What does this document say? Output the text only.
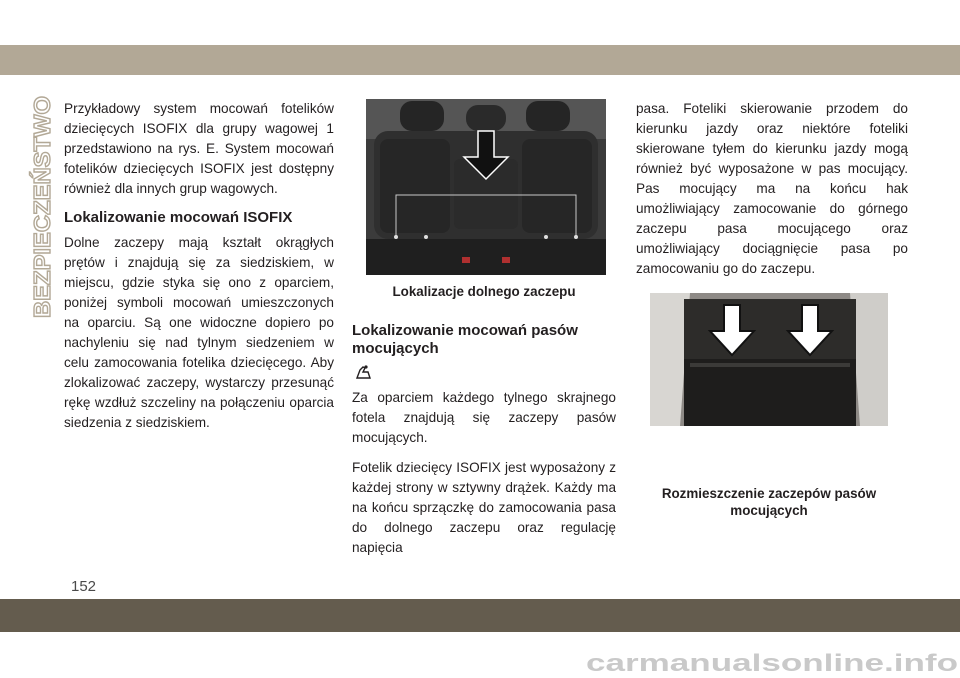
BEZPIECZEŃSTWO Przykładowy system mocowań fotelików dziecięcych ISOFIX dla grupy wagowej 1 przedstawiono na rys. E. System mocowań fotelików dziecięcych ISOFIX jest dostępny również dla innych grup wagowych.

Lokalizowanie mocowań ISOFIX

Dolne zaczepy mają kształt okrągłych prętów i znajdują się za siedziskiem, w miejscu, gdzie styka się ono z oparciem, poniżej symboli mocowań umieszczonych na oparciu. Są one widoczne dopiero po nachyleniu się nad tylnym siedzeniem w celu zamocowania fotelika dziecięcego. Aby zlokalizować zaczepy, wystarczy przesunąć rękę wzdłuż szczeliny na połączeniu oparcia siedzenia z siedziskiem.

Lokalizacje dolnego zaczepu
Lokalizowanie mocowań pasów mocujących

Za oparciem każdego tylnego skrajnego fotela znajdują się zaczepy pasów mocujących.

Fotelik dziecięcy ISOFIX jest wyposażony z każdej strony w sztywny drążek. Każdy ma na końcu sprzączkę do zamocowania pasa do dolnego zaczepu oraz regulację napięcia

pasa. Foteliki skierowanie przodem do kierunku jazdy oraz niektóre foteliki skierowane tyłem do kierunku jazdy mogą również być wyposażone w pas mocujący. Pas mocujący ma na końcu hak umożliwiający zamocowanie do górnego zaczepu pasa mocującego oraz umożliwiający dociągnięcie pasa po zamocowaniu go do zaczepu.

Rozmieszczenie zaczepów pasów mocujących
152
carmanualsonline.info
